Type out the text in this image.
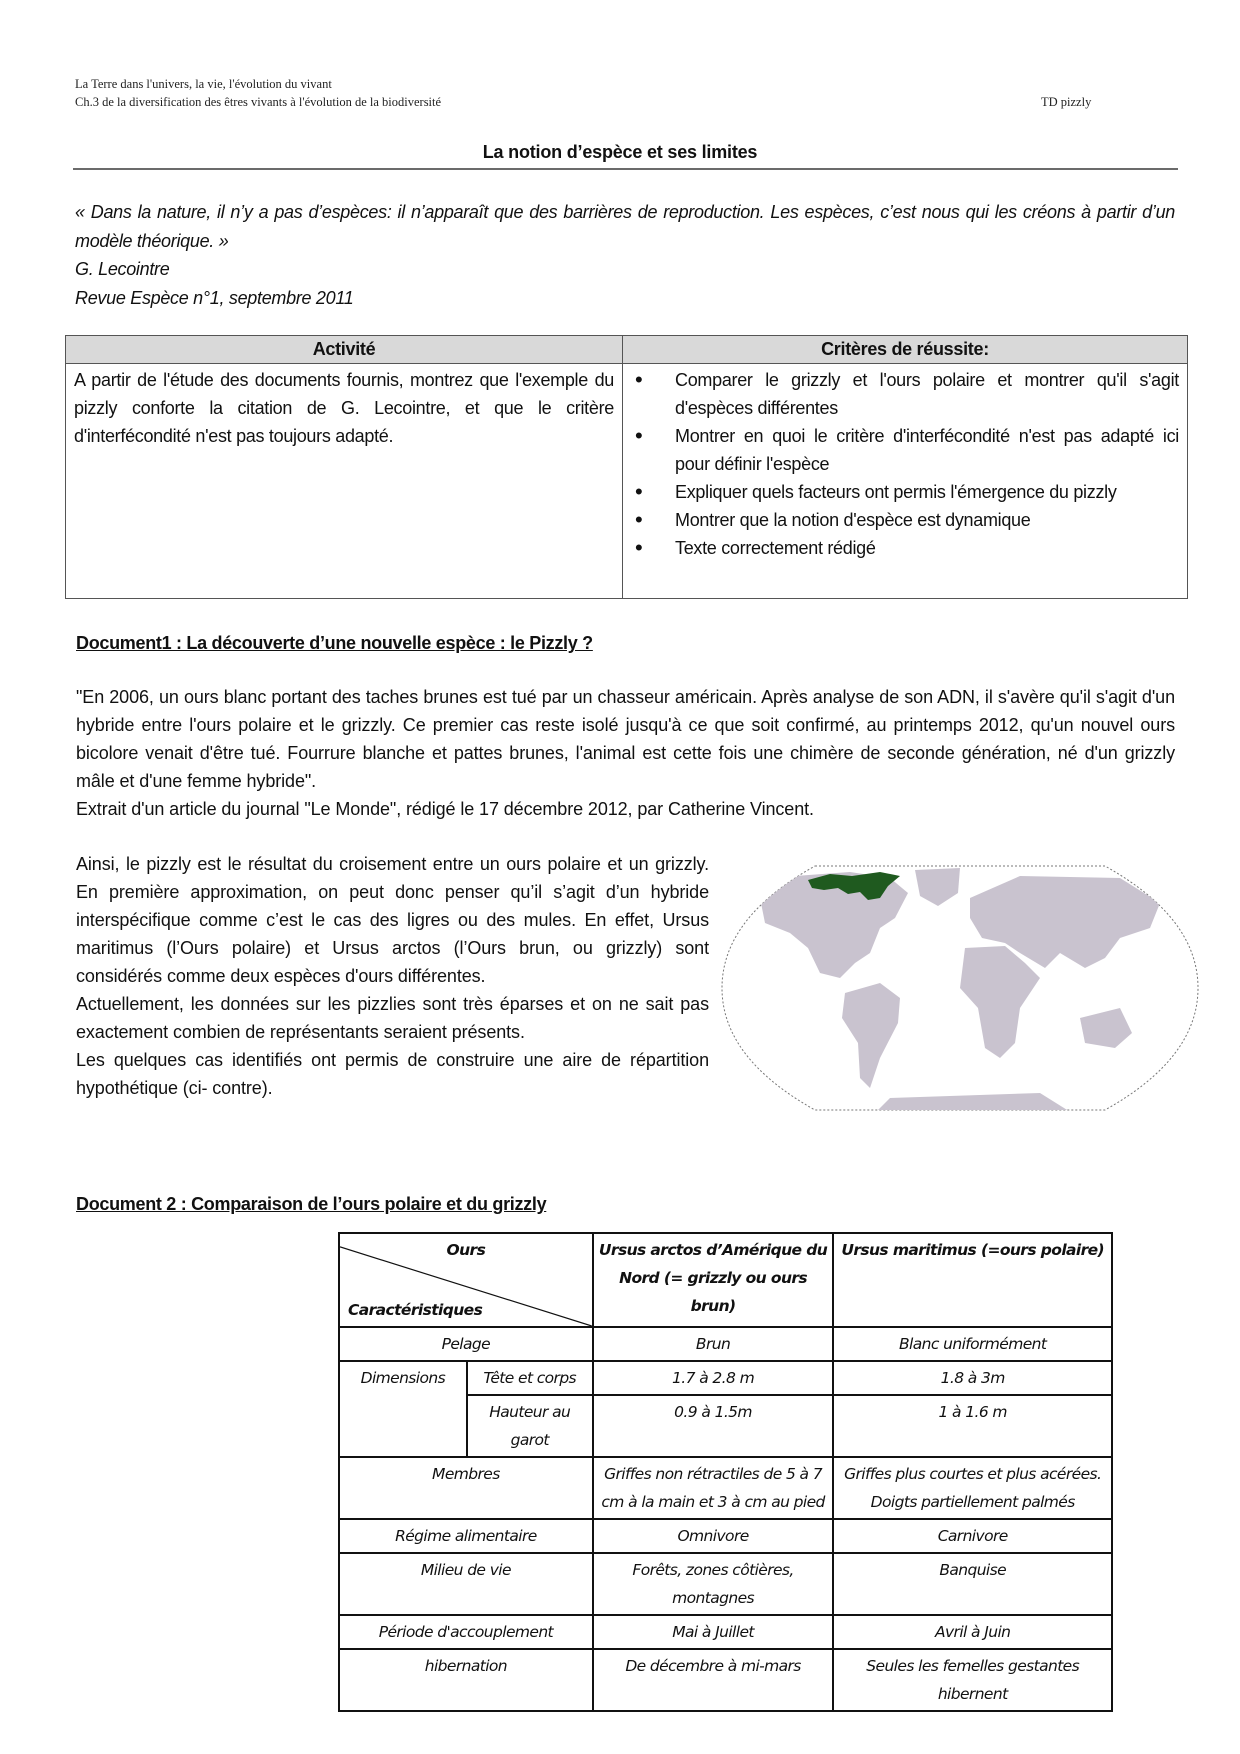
La Terre dans l'univers, la vie, l'évolution du vivant
Ch.3 de la diversification des êtres vivants à l'évolution de la biodiversité	TD pizzly
La notion d’espèce et ses limites
« Dans la nature, il n’y a pas d’espèces: il n’apparaît que des barrières de reproduction. Les espèces, c’est nous qui les créons à partir d’un modèle théorique. »
G. Lecointre
Revue Espèce n°1, septembre 2011
Activité	Critères de réussite:
A partir de l'étude des documents fournis, montrez que l'exemple du pizzly conforte la citation de G. Lecointre, et que le critère d'interfécondité n'est pas toujours adapté.	
• Comparer le grizzly et l'ours polaire et montrer qu'il s'agit d'espèces différentes
• Montrer en quoi le critère d'interfécondité n'est pas adapté ici pour définir l'espèce
• Expliquer quels facteurs ont permis l'émergence du pizzly
• Montrer que la notion d'espèce est dynamique
• Texte correctement rédigé
Document1 : La découverte d’une nouvelle espèce : le Pizzly ?
"En 2006, un ours blanc portant des taches brunes est tué par un chasseur américain. Après analyse de son ADN, il s'avère qu'il s'agit d'un hybride entre l'ours polaire et le grizzly. Ce premier cas reste isolé jusqu'à ce que soit confirmé, au printemps 2012, qu'un nouvel ours bicolore venait d'être tué. Fourrure blanche et pattes brunes, l'animal est cette fois une chimère de seconde génération, né d'un grizzly mâle et d'une femme hybride".
Extrait d'un article du journal "Le Monde", rédigé le 17 décembre 2012, par Catherine Vincent.
Ainsi, le pizzly est le résultat du croisement entre un ours polaire et un grizzly. En première approximation, on peut donc penser qu’il s’agit d’un hybride interspécifique comme c’est le cas des ligres ou des mules. En effet, Ursus maritimus (l’Ours polaire) et Ursus arctos (l’Ours brun, ou grizzly) sont considérés comme deux espèces d'ours différentes.
Actuellement, les données sur les pizzlies sont très éparses et on ne sait pas exactement combien de représentants seraient présents.
Les quelques cas identifiés ont permis de construire une aire de répartition hypothétique (ci- contre).
Document 2 : Comparaison de l’ours polaire et du grizzly
Ours
Caractéristiques		Ursus arctos d’Amérique du Nord (= grizzly ou ours brun)	Ursus maritimus (=ours polaire)
Pelage		Brun	Blanc uniformément
Dimensions	Tête et corps	1.7 à 2.8 m	1.8 à 3m
	Hauteur au garot	0.9 à 1.5m	1 à 1.6 m
Membres		Griffes non rétractiles de 5 à 7 cm à la main et 3 à cm au pied	Griffes plus courtes et plus acérées. Doigts partiellement palmés
Régime alimentaire		Omnivore	Carnivore
Milieu de vie		Forêts, zones côtières, montagnes	Banquise
Période d'accouplement		Mai à Juillet	Avril à Juin
hibernation		De décembre à mi-mars	Seules les femelles gestantes hibernent
